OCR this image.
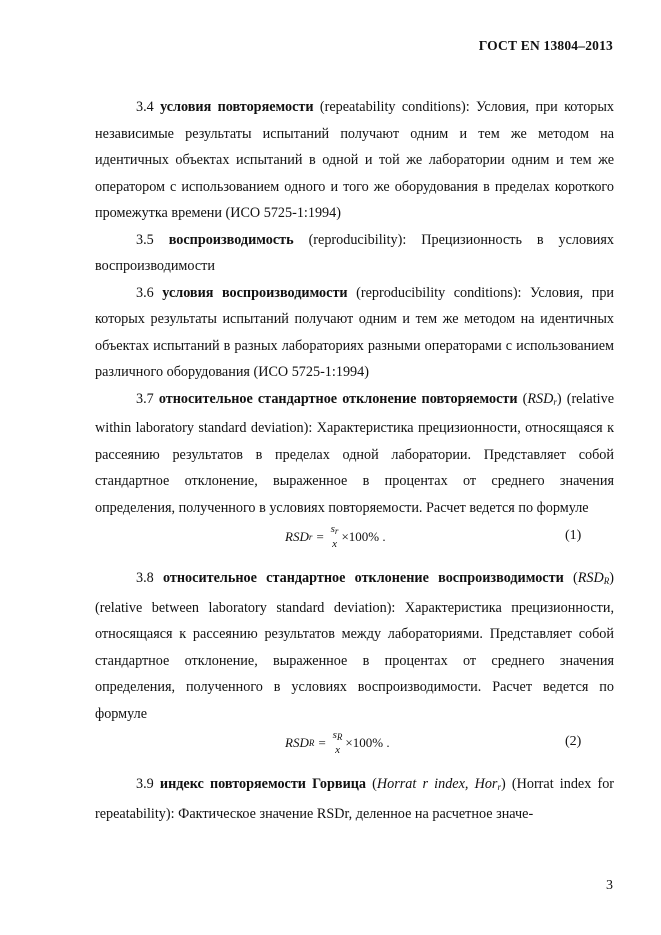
ГОСТ EN 13804–2013

3.4 условия повторяемости (repeatability conditions): Условия, при которых независимые результаты испытаний получают одним и тем же методом на идентичных объектах испытаний в одной и той же лаборатории одним и тем же оператором с использованием одного и того же оборудования в пределах короткого промежутка времени (ИСО 5725-1:1994)

3.5 воспроизводимость (reproducibility): Прецизионность в условиях воспроизводимости

3.6 условия воспроизводимости (reproducibility conditions): Условия, при которых результаты испытаний получают одним и тем же методом на идентичных объектах испытаний в разных лабораториях разными операторами с использованием различного оборудования (ИСО 5725-1:1994)

3.7 относительное стандартное отклонение повторяемости $(RSD_r)$ (relative within laboratory standard deviation): Характеристика прецизионности, относящаяся к рассеянию результатов в пределах одной лаборатории. Представляет собой стандартное отклонение, выраженное в процентах от среднего значения определения, полученного в условиях повторяемости. Расчет ведется по формуле

RSD $r = s_r$
x
×100% .	(1)

3.8 относительное стандартное отклонение воспроизводимости $(RSD_R)$ (relative between laboratory standard deviation): Характеристика прецизионности, относящаяся к рассеянию результатов между лабораториями. Представляет собой стандартное отклонение, выраженное в процентах от среднего значения определения, полученного в условиях воспроизводимости. Расчет ведется по формуле

RSD $R = s_R$
x
×100% .	(2)

3.9 индекс повторяемости Горвица (Horrat r index, Hor$_r$) (Horrat index for repeatability): Фактическое значение RSDr, деленное на расчетное значе-

3
